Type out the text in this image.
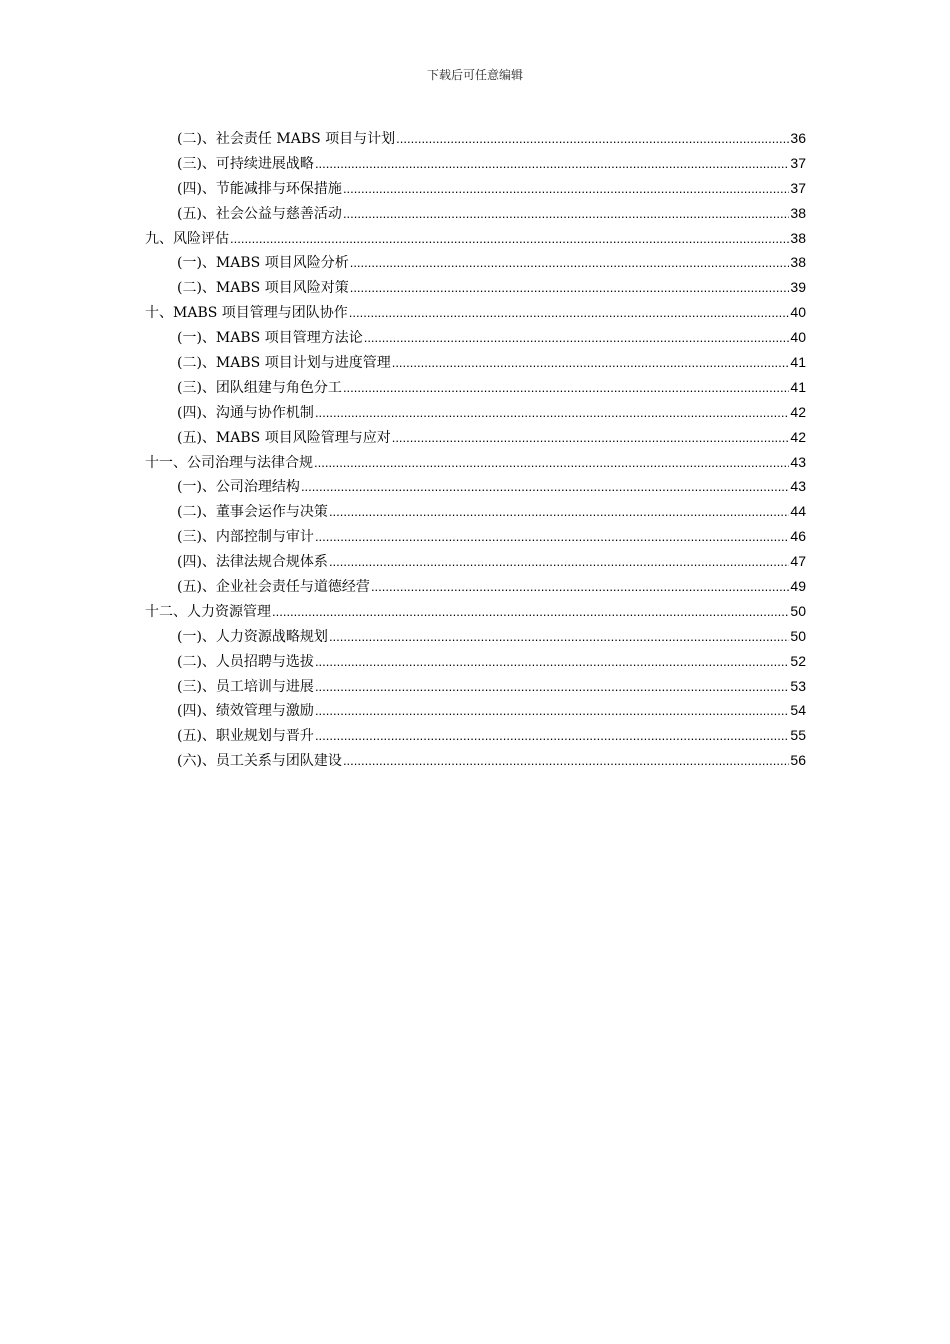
下载后可任意编辑
(二)、社会责任 MABS 项目与计划 .....	36
(三)、可持续进展战略 .....	37
(四)、节能减排与环保措施 .....	37
(五)、社会公益与慈善活动 .....	38
九、风险评估 .....	38
(一)、MABS 项目风险分析 .....	38
(二)、MABS 项目风险对策 .....	39
十、MABS 项目管理与团队协作 .....	40
(一)、MABS 项目管理方法论 .....	40
(二)、MABS 项目计划与进度管理 .....	41
(三)、团队组建与角色分工 .....	41
(四)、沟通与协作机制 .....	42
(五)、MABS 项目风险管理与应对 .....	42
十一、公司治理与法律合规 .....	43
(一)、公司治理结构 .....	43
(二)、董事会运作与决策 .....	44
(三)、内部控制与审计 .....	46
(四)、法律法规合规体系 .....	47
(五)、企业社会责任与道德经营 .....	49
十二、人力资源管理 .....	50
(一)、人力资源战略规划 .....	50
(二)、人员招聘与选拔 .....	52
(三)、员工培训与进展 .....	53
(四)、绩效管理与激励 .....	54
(五)、职业规划与晋升 .....	55
(六)、员工关系与团队建设 .....	56
